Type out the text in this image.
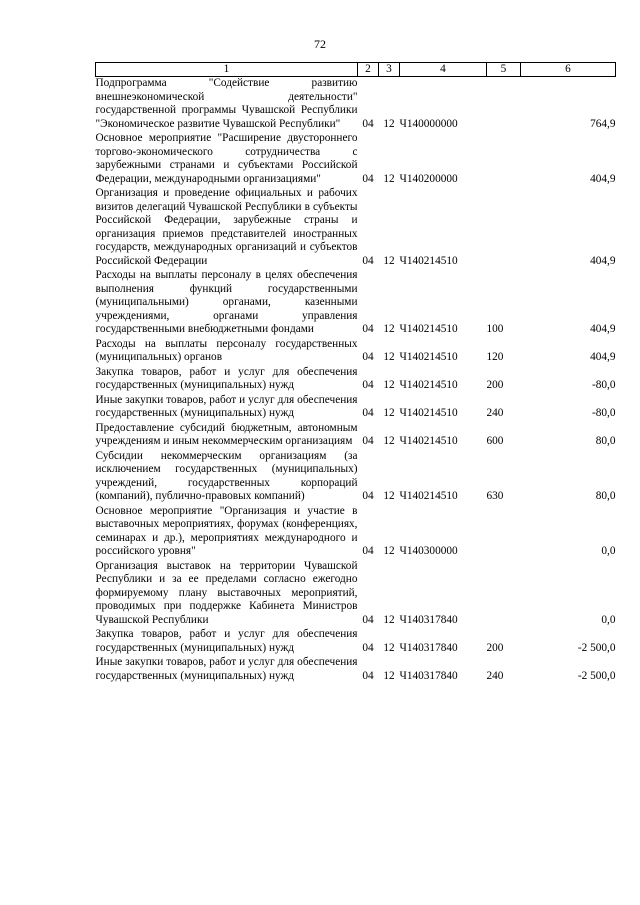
72
1	2	3	4	5	6
Подпрограмма "Содействие развитию внешнеэкономической деятельности" государственной программы Чувашской Республики "Экономическое развитие Чувашской Республики"	04	12	Ч140000000		764,9
Основное мероприятие "Расширение двустороннего торгово-экономического сотрудничества с зарубежными странами и субъектами Российской Федерации, международными организациями"	04	12	Ч140200000		404,9
Организация и проведение официальных и рабочих визитов делегаций Чувашской Республики в субъекты Российской Федерации, зарубежные страны и организация приемов представителей иностранных государств, международных организаций и субъектов Российской Федерации	04	12	Ч140214510		404,9
Расходы на выплаты персоналу в целях обеспечения выполнения функций государственными (муниципальными) органами, казенными учреждениями, органами управления государственными внебюджетными фондами	04	12	Ч140214510	100	404,9
Расходы на выплаты персоналу государственных (муниципальных) органов	04	12	Ч140214510	120	404,9
Закупка товаров, работ и услуг для обеспечения государственных (муниципальных) нужд	04	12	Ч140214510	200	-80,0
Иные закупки товаров, работ и услуг для обеспечения государственных (муниципальных) нужд	04	12	Ч140214510	240	-80,0
Предоставление субсидий бюджетным, автономным учреждениям и иным некоммерческим организациям	04	12	Ч140214510	600	80,0
Субсидии некоммерческим организациям (за исключением государственных (муниципальных) учреждений, государственных корпораций (компаний), публично-правовых компаний)	04	12	Ч140214510	630	80,0
Основное мероприятие "Организация и участие в выставочных мероприятиях, форумах (конференциях, семинарах и др.), мероприятиях международного и российского уровня"	04	12	Ч140300000		0,0
Организация выставок на территории Чувашской Республики и за ее пределами согласно ежегодно формируемому плану выставочных мероприятий, проводимых при поддержке Кабинета Министров Чувашской Республики	04	12	Ч140317840		0,0
Закупка товаров, работ и услуг для обеспечения государственных (муниципальных) нужд	04	12	Ч140317840	200	-2 500,0
Иные закупки товаров, работ и услуг для обеспечения государственных (муниципальных) нужд	04	12	Ч140317840	240	-2 500,0
